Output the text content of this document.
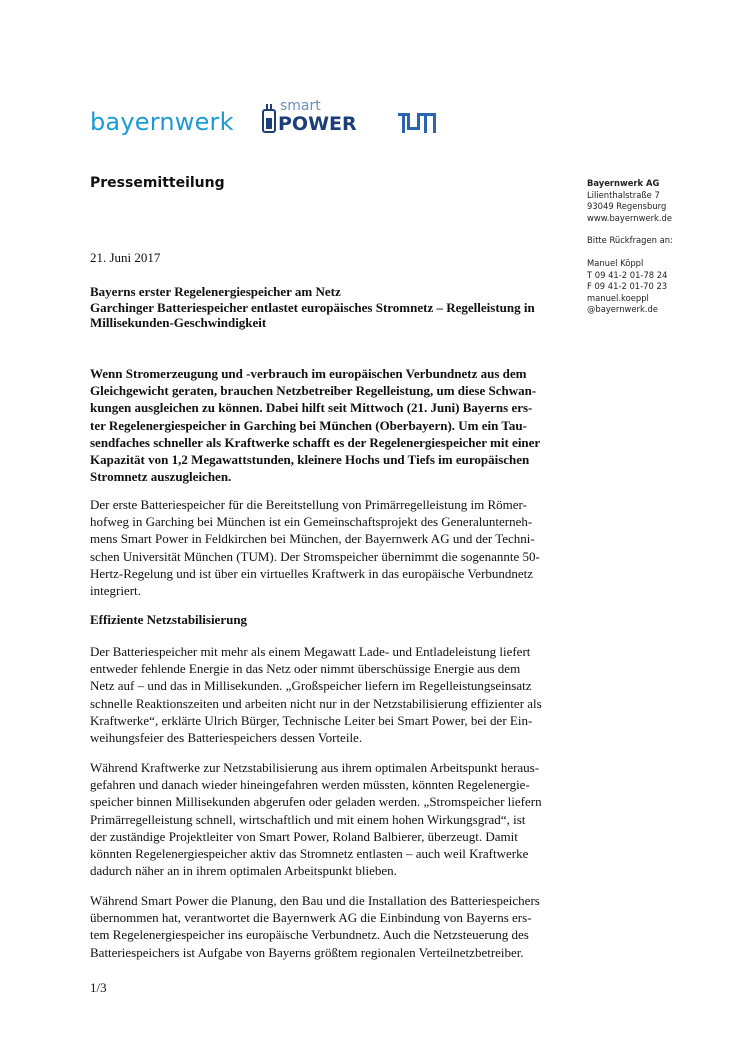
bayernwerk
smart
POWER
Pressemitteilung	Bayernwerk AG
Lilienthalstraße 7
93049 Regensburg
www.bayernwerk.de
Bitte Rückfragen an:
Manuel Köppl
T 09 41-2 01-78 24
F 09 41-2 01-70 23
manuel.koeppl
@bayernwerk.de
21. Juni 2017
Bayerns erster Regelenergiespeicher am Netz
Garchinger Batteriespeicher entlastet europäisches Stromnetz – Regelleistung in
Millisekunden-Geschwindigkeit
Wenn Stromerzeugung und -verbrauch im europäischen Verbundnetz aus dem
Gleichgewicht geraten, brauchen Netzbetreiber Regelleistung, um diese Schwan-
kungen ausgleichen zu können. Dabei hilft seit Mittwoch (21. Juni) Bayerns ers-
ter Regelenergiespeicher in Garching bei München (Oberbayern). Um ein Tau-
sendfaches schneller als Kraftwerke schafft es der Regelenergiespeicher mit einer
Kapazität von 1,2 Megawattstunden, kleinere Hochs und Tiefs im europäischen
Stromnetz auszugleichen.
Der erste Batteriespeicher für die Bereitstellung von Primärregelleistung im Römer-
hofweg in Garching bei München ist ein Gemeinschaftsprojekt des Generalunterneh-
mens Smart Power in Feldkirchen bei München, der Bayernwerk AG und der Techni-
schen Universität München (TUM). Der Stromspeicher übernimmt die sogenannte 50-
Hertz-Regelung und ist über ein virtuelles Kraftwerk in das europäische Verbundnetz
integriert.
Effiziente Netzstabilisierung
Der Batteriespeicher mit mehr als einem Megawatt Lade- und Entladeleistung liefert
entweder fehlende Energie in das Netz oder nimmt überschüssige Energie aus dem
Netz auf – und das in Millisekunden. „Großspeicher liefern im Regelleistungseinsatz
schnelle Reaktionszeiten und arbeiten nicht nur in der Netzstabilisierung effizienter als
Kraftwerke“, erklärte Ulrich Bürger, Technische Leiter bei Smart Power, bei der Ein-
weihungsfeier des Batteriespeichers dessen Vorteile.
Während Kraftwerke zur Netzstabilisierung aus ihrem optimalen Arbeitspunkt heraus-
gefahren und danach wieder hineingefahren werden müssten, könnten Regelenergie-
speicher binnen Millisekunden abgerufen oder geladen werden. „Stromspeicher liefern
Primärregelleistung schnell, wirtschaftlich und mit einem hohen Wirkungsgrad“, ist
der zuständige Projektleiter von Smart Power, Roland Balbierer, überzeugt. Damit
könnten Regelenergiespeicher aktiv das Stromnetz entlasten – auch weil Kraftwerke
dadurch näher an in ihrem optimalen Arbeitspunkt blieben.
Während Smart Power die Planung, den Bau und die Installation des Batteriespeichers
übernommen hat, verantwortet die Bayernwerk AG die Einbindung von Bayerns ers-
tem Regelenergiespeicher ins europäische Verbundnetz. Auch die Netzsteuerung des
Batteriespeichers ist Aufgabe von Bayerns größtem regionalen Verteilnetzbetreiber.
1/3
